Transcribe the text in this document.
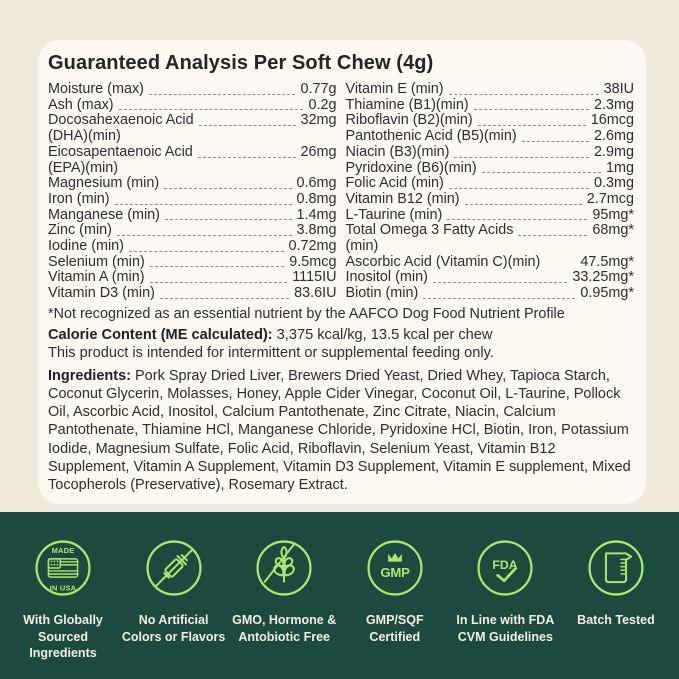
Guaranteed Analysis Per Soft Chew (4g)
Moisture (max)	0.77g
Ash (max)	0.2g
Docosahexaenoic Acid	32mg
(DHA)(min)
Eicosapentaenoic Acid	26mg
(EPA)(min)
Magnesium (min)	0.6mg
Iron (min)	0.8mg
Manganese (min)	1.4mg
Zinc (min)	3.8mg
Iodine (min)	0.72mg
Selenium (min)	9.5mcg
Vitamin A (min)	1115IU
Vitamin D3 (min)	83.6IU
Vitamin E (min)	38IU
Thiamine (B1)(min)	2.3mg
Riboflavin (B2)(min)	16mcg
Pantothenic Acid (B5)(min)	2.6mg
Niacin (B3)(min)	2.9mg
Pyridoxine (B6)(min)	1mg
Folic Acid (min)	0.3mg
Vitamin B12 (min)	2.7mcg
L-Taurine (min)	95mg*
Total Omega 3 Fatty Acids	68mg*
(min)
Ascorbic Acid (Vitamin C)(min)	47.5mg*
Inositol (min)	33.25mg*
Biotin (min)	0.95mg*

*Not recognized as an essential nutrient by the AAFCO Dog Food Nutrient Profile

Calorie Content (ME calculated): 3,375 kcal/kg, 13.5 kcal per chew

This product is intended for intermittent or supplemental feeding only.

Ingredients: Pork Spray Dried Liver, Brewers Dried Yeast, Dried Whey, Tapioca Starch, Coconut Glycerin, Molasses, Honey, Apple Cider Vinegar, Coconut Oil, L-Taurine, Pollock Oil, Ascorbic Acid, Inositol, Calcium Pantothenate, Zinc Citrate, Niacin, Calcium Pantothenate, Thiamine HCl, Manganese Chloride, Pyridoxine HCl, Biotin, Iron, Potassium Iodide, Magnesium Sulfate, Folic Acid, Riboflavin, Selenium Yeast, Vitamin B12 Supplement, Vitamin A Supplement, Vitamin D3 Supplement, Vitamin E supplement, Mixed Tocopherols (Preservative), Rosemary Extract.

MADE
IN USA
With Globally
Sourced
Ingredients
No Artificial
Colors or Flavors
GMO, Hormone &
Antobiotic Free
GMP
GMP/SQF
Certified
FDA
In Line with FDA
CVM Guidelines
Batch Tested
